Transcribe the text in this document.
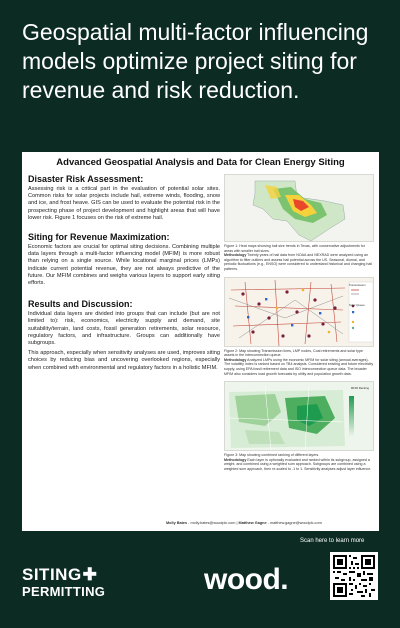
Geospatial multi-factor influencing models optimize project siting for revenue and risk reduction.
Advanced Geospatial Analysis and Data for Clean Energy Siting
Disaster Risk Assessment:
Assessing risk is a critical part in the evaluation of potential solar sites. Common risks for solar projects include hail, extreme winds, flooding, snow and ice, and frost heave. GIS can be used to evaluate the potential risk in the prospecting phase of project development and highlight areas that will have lower risk. Figure 1 focuses on the risk of extreme hail.
Siting for Revenue Maximization:
Economic factors are crucial for optimal siting decisions. Combining multiple data layers through a multi-factor influencing model (MFIM) is more robust than relying on a single source. While locational marginal prices (LMPs) indicate current potential revenue, they are not always predictive of the future. Our MFIM combines and weighs various layers to support early siting efforts.
Results and Discussion:
Individual data layers are divided into groups that can include (but are not limited to): risk, economics, electricity supply and demand, site suitability/terrain, land costs, fossil generation retirements, solar resource, regulatory factors, and infrastructure. Groups can additionally have subgroups.
This approach, especially when sensitivity analyses are used, improves siting choices by reducing bias and uncovering overlooked regions, especially when combined with environmental and regulatory factors in a holistic MFIM.
Figure 1: Heat maps showing hail size trends in Texas, with conservative adjustments for areas with smaller hail sizes.
Methodology Twenty years of hail data from NOAA and NEXRAD were analyzed using an algorithm to filter outliers and assess hail potential across the US. Seasonal, diurnal, and periodic fluctuations (e.g., ENSO) were considered to understand historical and changing hail patterns.
Transmission
Solar Queue
Figure 2: Map showing Transmission lines, LMP nodes, Coal retirements and solar type assets in the interconnection queue.
Methodology Analyzed LMPs using the economic MFIM for solar siting (annual averages). The volatility index is ranked based on TB4 analysis. Considered existing and future electricity supply, using EPA fossil retirement data and ISO interconnection queue data. The broader MFIM also considers load growth forecasts by utility and population growth data.
MFIM Ranking
Figure 3: Map showing combined ranking of different layers.
Methodology Each layer is optionally evaluated and ranked within its subgroup, assigned a weight, and combined using a weighted sum approach. Subgroups are combined using a weighted sum approach, then re-scaled to -1 to 1. Sensitivity analyses adjust layer influence.
Molly Bates - molly.bates@woodplc.com | Matthew Gagne - matthew.gagne@woodplc.com
Scan here to learn more
SITING✚
PERMITTING	wood.
